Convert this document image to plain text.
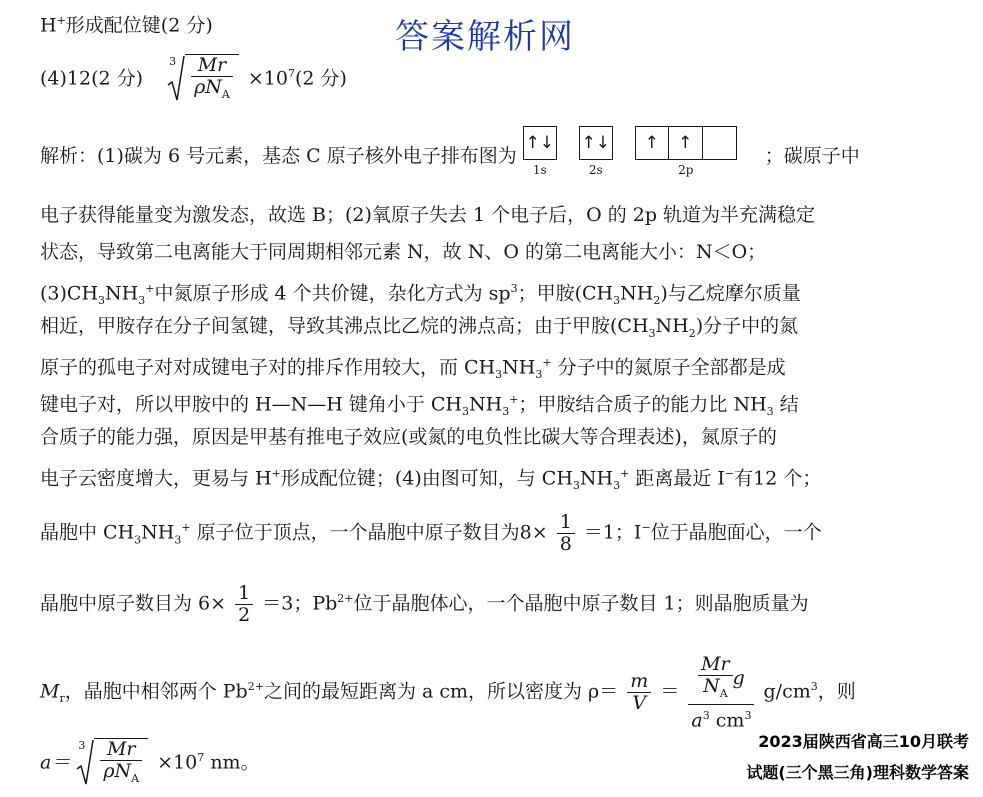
答案解析网
H+形成配位键(2 分)
(4)12(2 分)
$3 \frac{Mr}{\rho N_A} \times 10^7(2$ 分)
解析：(1)碳为 6 号元素，基态 C 原子核外电子排布图为
↑↓
1s
↑↓
2s
↑	↑
2p
；碳原子中
电子获得能量变为激发态，故选 B；(2)氧原子失去 1 个电子后，O 的 2p 轨道为半充满稳定
状态，导致第二电离能大于同周期相邻元素 N，故 N、O 的第二电离能大小：N＜O；
$(3)CH_3NH_3^+$中氮原子形成 4 个共价键，杂化方式为 $sp^3$；甲胺$(CH_3NH_2)$与乙烷摩尔质量
相近，甲胺存在分子间氢键，导致其沸点比乙烷的沸点高；由于甲胺$(CH_3NH_2)$分子中的氮
原子的孤电子对对成键电子对的排斥作用较大，而 $CH_3NH_3^+$ 分子中的氮原子全部都是成
键电子对，所以甲胺中的 H—N—H 键角小于 $CH_3NH_3^+$；甲胺结合质子的能力比 $NH_3$ 结
合质子的能力强，原因是甲基有推电子效应(或氮的电负性比碳大等合理表述)，氮原子的
电子云密度增大，更易与 H+形成配位键；(4)由图可知，与 $CH_3NH_3^+$ 距离最近 I−有12 个；
晶胞中 $CH_3NH_3^+$ 原子位于顶点，一个晶胞中原子数目为$8\times \frac{1}{8} =1$；I−位于晶胞面心，一个
晶胞中原子数目为 $6\times \frac{1}{2} =3$；$Pb^{2+}$位于晶胞体心，一个晶胞中原子数目 1；则晶胞质量为
$M_r$，晶胞中相邻两个 $Pb^{2+}$之间的最短距离为 a cm，所以密度为 $\rho= \frac{m}{V} = \frac{\frac{Mr}{N_A} g}{a^3 cm^3} g/cm^3$，则
a＝
$3 \frac{Mr}{\rho N_A} \times 10^7$ nm。
2023届陕西省高三10月联考
试题(三个黑三角)理科数学答案
